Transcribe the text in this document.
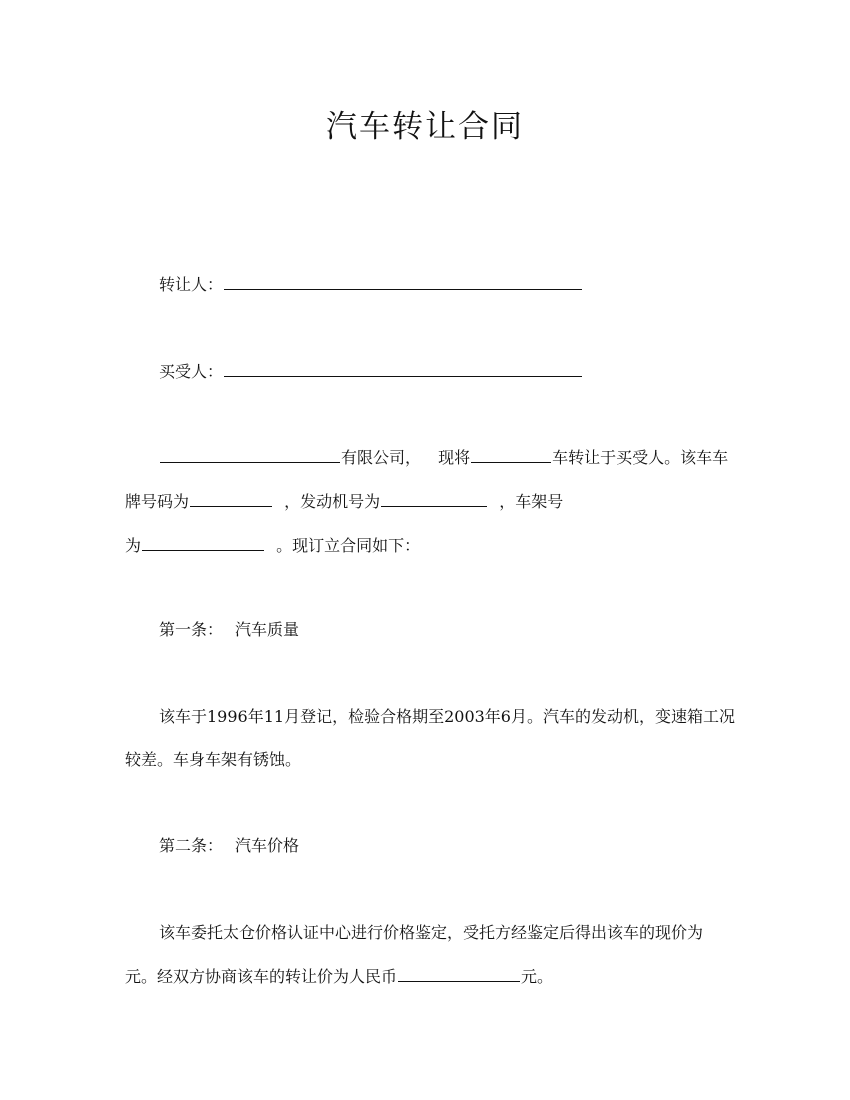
汽车转让合同
转让人：
买受人：
有限公司， 现将	车转让于买受人。该车车
牌号码为	，发动机号为	，车架号
为	。现订立合同如下：
第一条： 汽车质量
该车于1996年11月登记，检验合格期至2003年6月。汽车的发动机，变速箱工况
较差。车身车架有锈蚀。
第二条： 汽车价格
该车委托太仓价格认证中心进行价格鉴定，受托方经鉴定后得出该车的现价为
元。经双方协商该车的转让价为人民币	元。
